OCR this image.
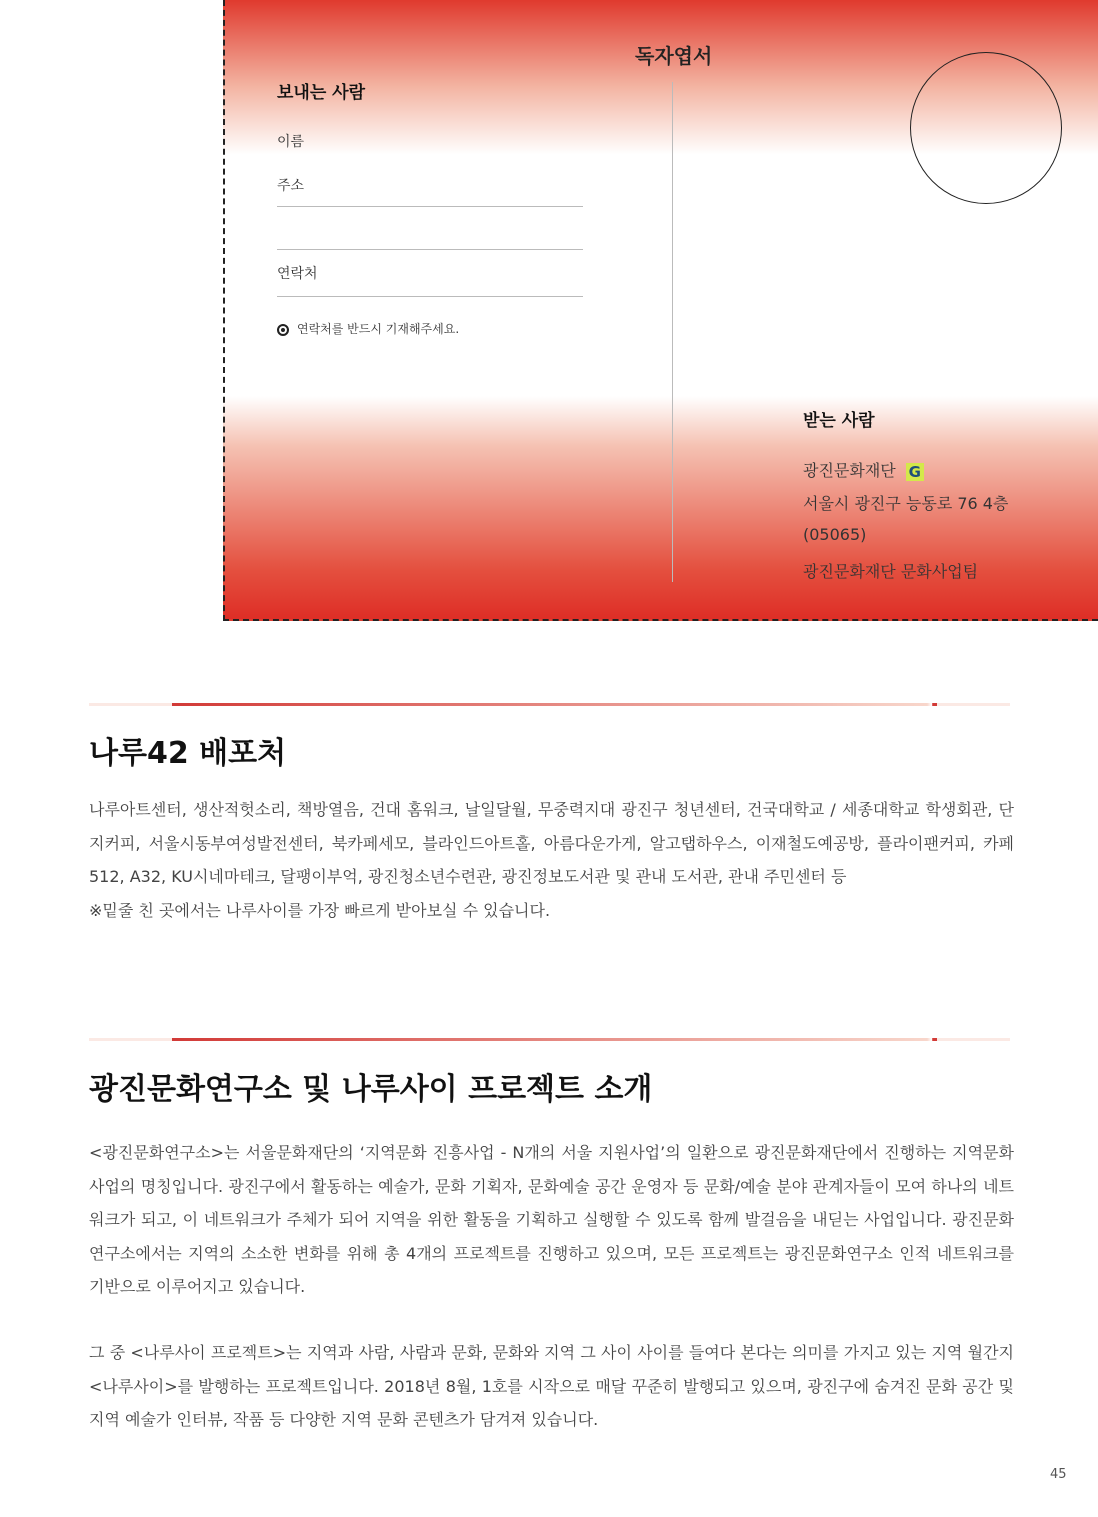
독자엽서
보내는 사람
이름
주소
연락처
연락처를 반드시 기재해주세요.
받는 사람
광진문화재단 G
서울시 광진구 능동로 76 4층
(05065)
광진문화재단 문화사업팀
나루42 배포처
나루아트센터, 생산적헛소리, 책방열음, 건대 홈워크, 날일달월, 무중력지대 광진구 청년센터, 건국대학교 / 세종대학교 학생회관, 단지커피, 서울시동부여성발전센터, 북카페세모, 블라인드아트홀, 아름다운가게, 알고탭하우스, 이재철도예공방, 플라이팬커피, 카페 512, A32, KU시네마테크, 달팽이부억, 광진청소년수련관, 광진정보도서관 및 관내 도서관, 관내 주민센터 등
※밑줄 친 곳에서는 나루사이를 가장 빠르게 받아보실 수 있습니다.
광진문화연구소 및 나루사이 프로젝트 소개
<광진문화연구소>는 서울문화재단의 ‘지역문화 진흥사업 - N개의 서울 지원사업’의 일환으로 광진문화재단에서 진행하는 지역문화 사업의 명칭입니다. 광진구에서 활동하는 예술가, 문화 기획자, 문화예술 공간 운영자 등 문화/예술 분야 관계자들이 모여 하나의 네트워크가 되고, 이 네트워크가 주체가 되어 지역을 위한 활동을 기획하고 실행할 수 있도록 함께 발걸음을 내딛는 사업입니다. 광진문화연구소에서는 지역의 소소한 변화를 위해 총 4개의 프로젝트를 진행하고 있으며, 모든 프로젝트는 광진문화연구소 인적 네트워크를 기반으로 이루어지고 있습니다.
그 중 <나루사이 프로젝트>는 지역과 사람, 사람과 문화, 문화와 지역 그 사이 사이를 들여다 본다는 의미를 가지고 있는 지역 월간지 <나루사이>를 발행하는 프로젝트입니다. 2018년 8월, 1호를 시작으로 매달 꾸준히 발행되고 있으며, 광진구에 숨겨진 문화 공간 및 지역 예술가 인터뷰, 작품 등 다양한 지역 문화 콘텐츠가 담겨져 있습니다.
45
